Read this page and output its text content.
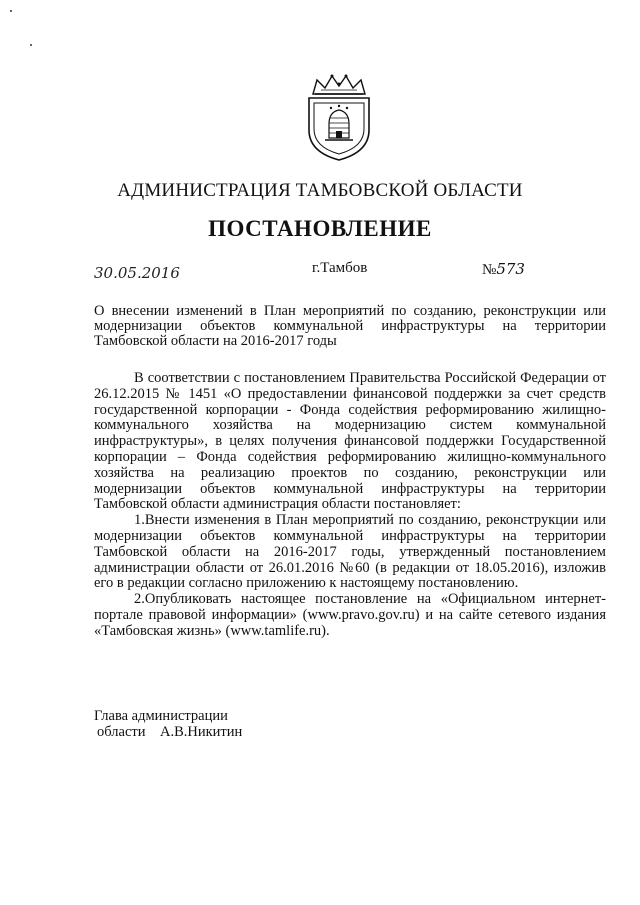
АДМИНИСТРАЦИЯ ТАМБОВСКОЙ ОБЛАСТИ
ПОСТАНОВЛЕНИЕ
30.05.2016	г.Тамбов	№573
О внесении изменений в План мероприятий по созданию, реконструкции или модернизации объектов коммунальной инфраструктуры на территории Тамбовской области на 2016-2017 годы

В соответствии с постановлением Правительства Российской Федерации от 26.12.2015 № 1451 «О предоставлении финансовой поддержки за счет средств государственной корпорации - Фонда содействия реформированию жилищно-коммунального хозяйства на модернизацию систем коммунальной инфраструктуры», в целях получения финансовой поддержки Государственной корпорации – Фонда содействия реформированию жилищно-коммунального хозяйства на реализацию проектов по созданию, реконструкции или модернизации объектов коммунальной инфраструктуры на территории Тамбовской области администрация области постановляет:

1.Внести изменения в План мероприятий по созданию, реконструкции или модернизации объектов коммунальной инфраструктуры на территории Тамбовской области на 2016-2017 годы, утвержденный постановлением администрации области от 26.01.2016 №60 (в редакции от 18.05.2016), изложив его в редакции согласно приложению к настоящему постановлению.

2.Опубликовать настоящее постановление на «Официальном интернет-портале правовой информации» (www.pravo.gov.ru) и на сайте сетевого издания «Тамбовская жизнь» (www.tamlife.ru).

Глава администрации
области А.В.Никитин
